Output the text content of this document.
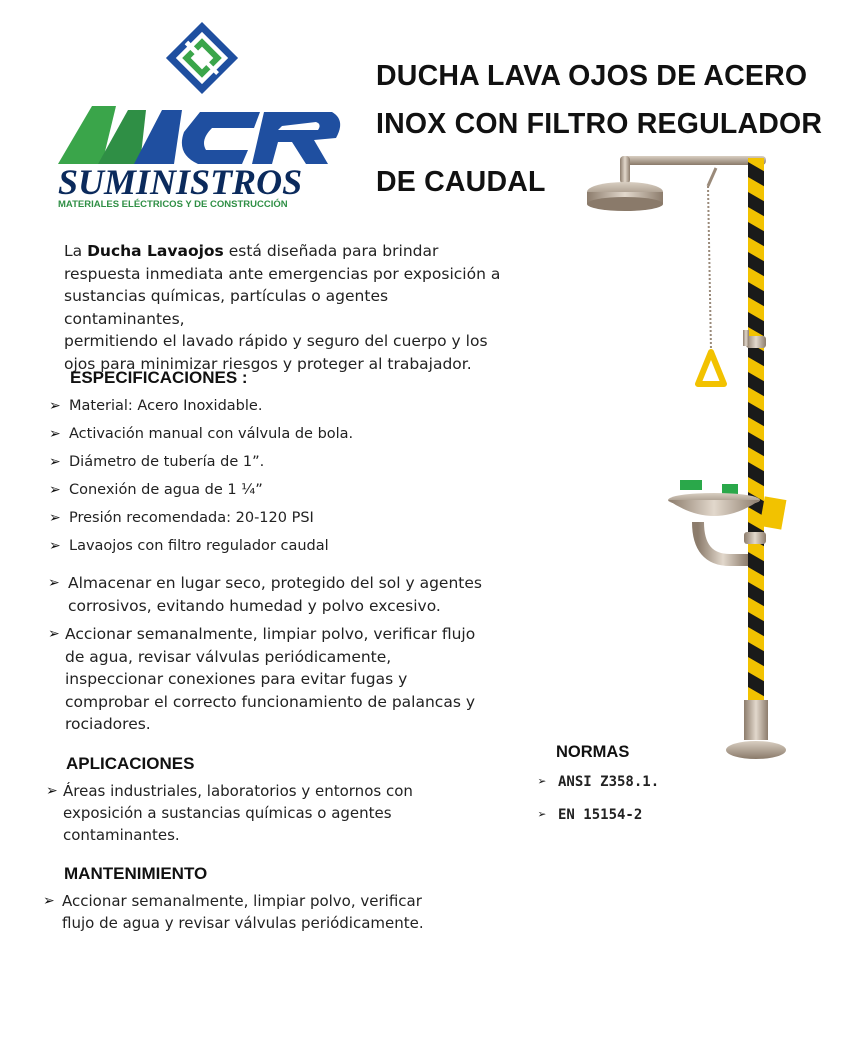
SUMINISTROS
MATERIALES ELÉCTRICOS Y DE CONSTRUCCIÓN
DUCHA LAVA OJOS DE ACERO
INOX CON FILTRO REGULADOR
DE CAUDAL
La Ducha Lavaojos está diseñada para brindar
respuesta inmediata ante emergencias por exposición a
sustancias químicas, partículas o agentes contaminantes,
permitiendo el lavado rápido y seguro del cuerpo y los
ojos para minimizar riesgos y proteger al trabajador.
ESPECIFICACIONES :
➢ Material: Acero Inoxidable.
➢ Activación manual con válvula de bola.
➢ Diámetro de tubería de 1”.
➢ Conexión de agua de 1 ¼”
➢ Presión recomendada: 20-120 PSI
➢ Lavaojos con filtro regulador caudal
➢ Almacenar en lugar seco, protegido del sol y agentes
corrosivos, evitando humedad y polvo excesivo.
➢ Accionar semanalmente, limpiar polvo, verificar flujo
de agua, revisar válvulas periódicamente,
inspeccionar conexiones para evitar fugas y
comprobar el correcto funcionamiento de palancas y
rociadores.
APLICACIONES
➢ Áreas industriales, laboratorios y entornos con
exposición a sustancias químicas o agentes
contaminantes.
MANTENIMIENTO
➢ Accionar semanalmente, limpiar polvo, verificar
flujo de agua y revisar válvulas periódicamente.
NORMAS
➢ ANSI Z358.1.
➢ EN 15154-2
